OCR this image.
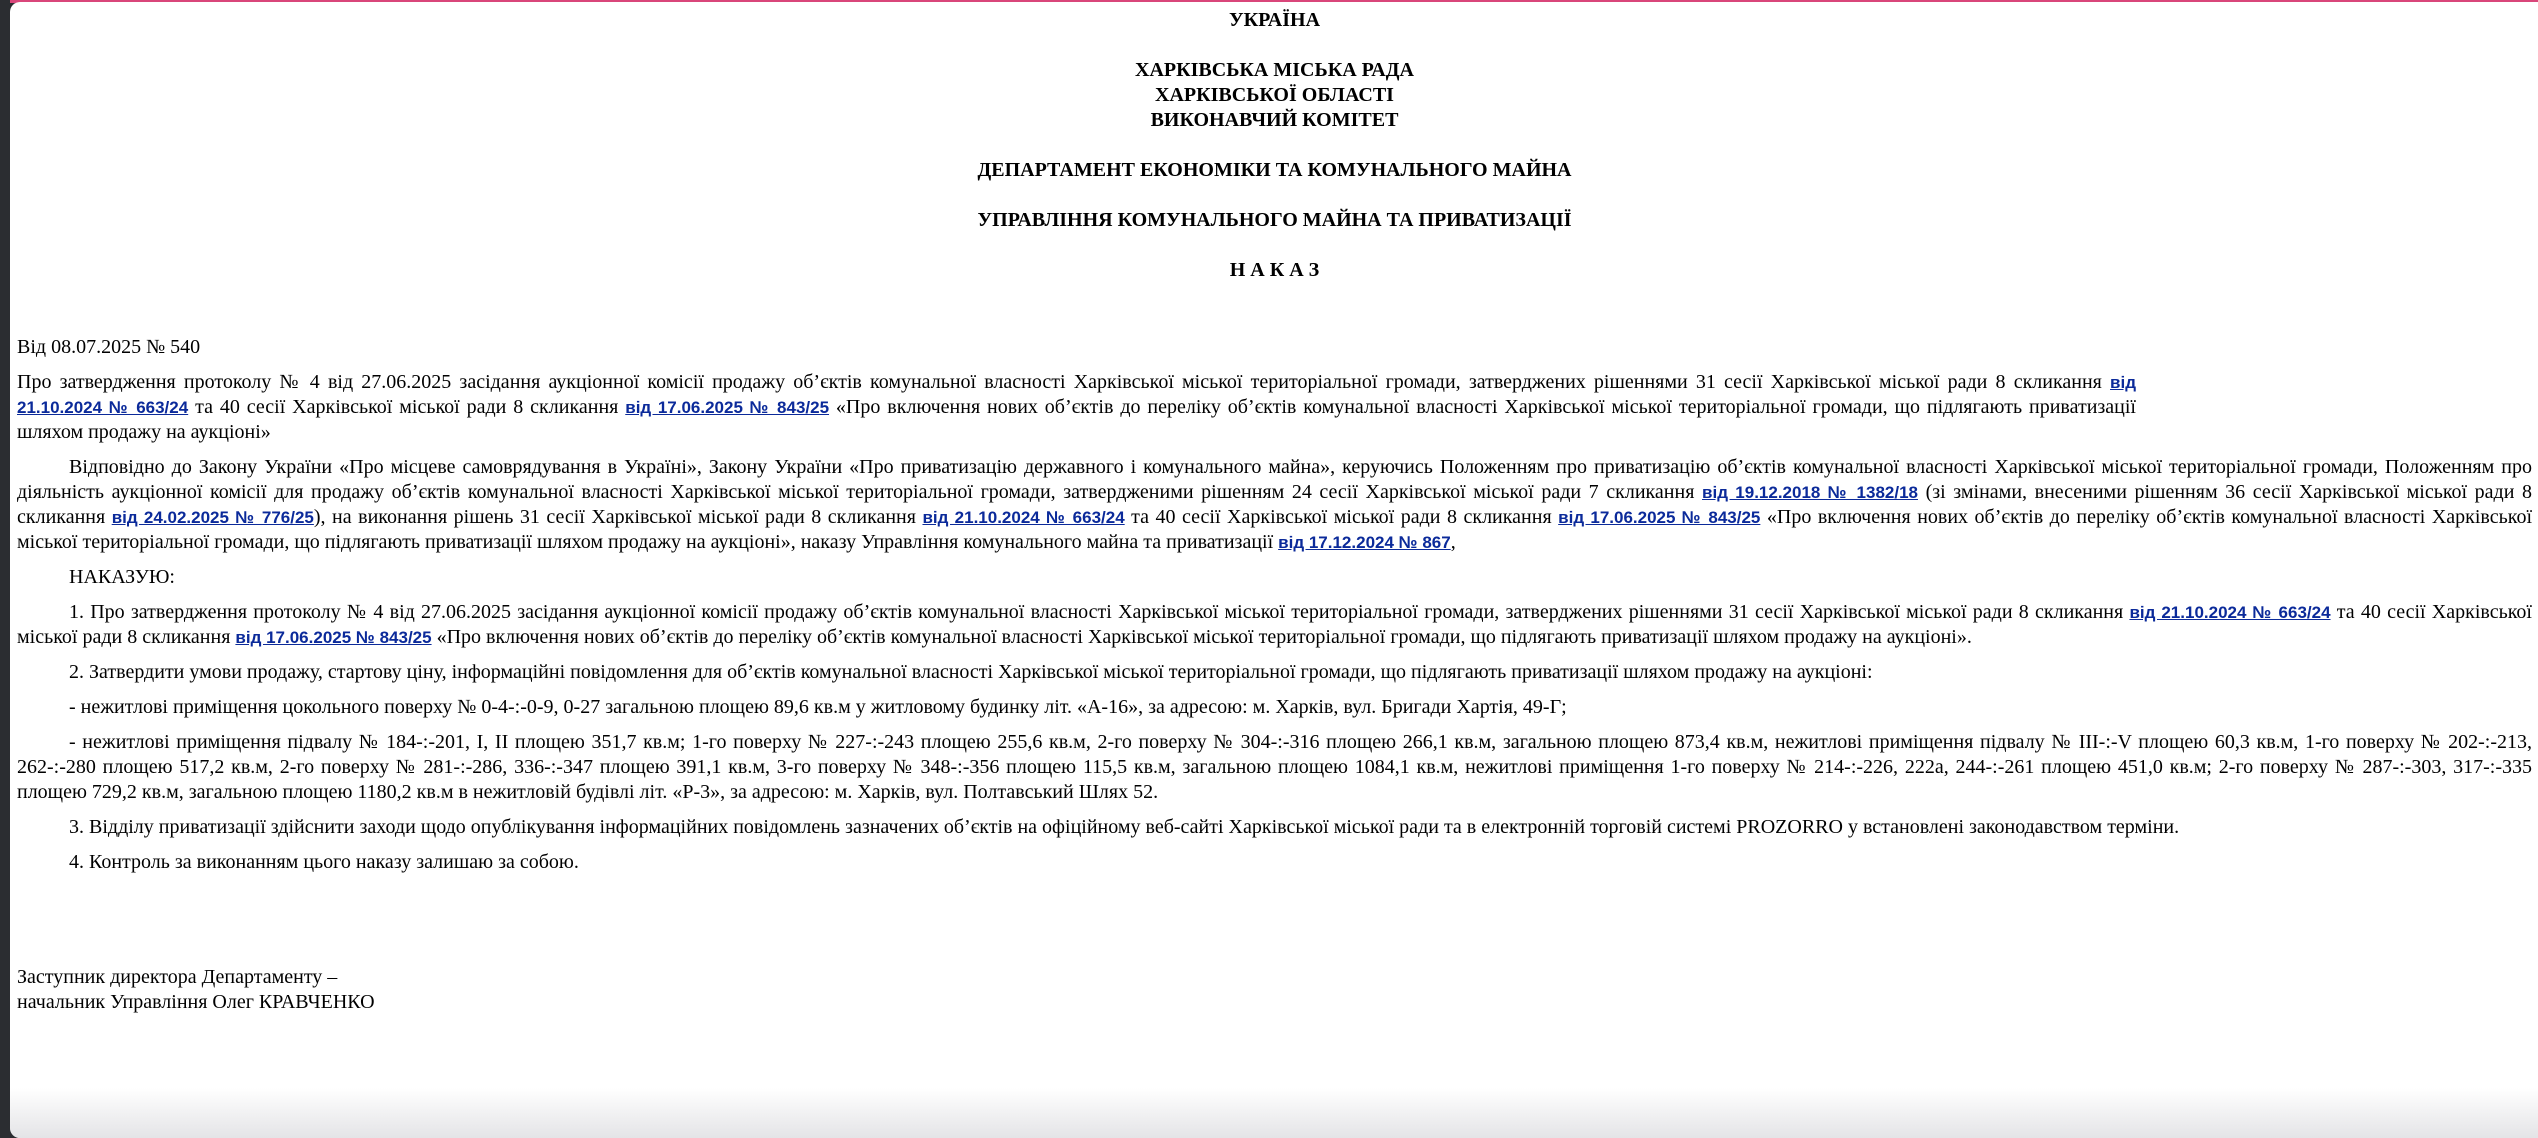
УКРАЇНА
ХАРКІВСЬКА МІСЬКА РАДА
ХАРКІВСЬКОЇ ОБЛАСТІ
ВИКОНАВЧИЙ КОМІТЕТ
ДЕПАРТАМЕНТ ЕКОНОМІКИ ТА КОМУНАЛЬНОГО МАЙНА
УПРАВЛІННЯ КОМУНАЛЬНОГО МАЙНА ТА ПРИВАТИЗАЦІЇ
Н А К А З

Від 08.07.2025 № 540

Про затвердження протоколу № 4 від 27.06.2025 засідання аукціонної комісії продажу об’єктів комунальної власності Харківської міської територіальної громади, затверджених рішеннями 31 сесії Харківської міської ради 8 скликання від 21.10.2024 № 663/24 та 40 сесії Харківської міської ради 8 скликання від 17.06.2025 № 843/25 «Про включення нових об’єктів до переліку об’єктів комунальної власності Харківської міської територіальної громади, що підлягають приватизації шляхом продажу на аукціоні»

Відповідно до Закону України «Про місцеве самоврядування в Україні», Закону України «Про приватизацію державного і комунального майна», керуючись Положенням про приватизацію об’єктів комунальної власності Харківської міської територіальної громади, Положенням про діяльність аукціонної комісії для продажу об’єктів комунальної власності Харківської міської територіальної громади, затвердженими рішенням 24 сесії Харківської міської ради 7 скликання від 19.12.2018 № 1382/18 (зі змінами, внесеними рішенням 36 сесії Харківської міської ради 8 скликання від 24.02.2025 № 776/25), на виконання рішень 31 сесії Харківської міської ради 8 скликання від 21.10.2024 № 663/24 та 40 сесії Харківської міської ради 8 скликання від 17.06.2025 № 843/25 «Про включення нових об’єктів до переліку об’єктів комунальної власності Харківської міської територіальної громади, що підлягають приватизації шляхом продажу на аукціоні», наказу Управління комунального майна та приватизації від 17.12.2024 № 867,

НАКАЗУЮ:

1. Про затвердження протоколу № 4 від 27.06.2025 засідання аукціонної комісії продажу об’єктів комунальної власності Харківської міської територіальної громади, затверджених рішеннями 31 сесії Харківської міської ради 8 скликання від 21.10.2024 № 663/24 та 40 сесії Харківської міської ради 8 скликання від 17.06.2025 № 843/25 «Про включення нових об’єктів до переліку об’єктів комунальної власності Харківської міської територіальної громади, що підлягають приватизації шляхом продажу на аукціоні».

2. Затвердити умови продажу, стартову ціну, інформаційні повідомлення для об’єктів комунальної власності Харківської міської територіальної громади, що підлягають приватизації шляхом продажу на аукціоні:

- нежитлові приміщення цокольного поверху № 0-4-:-0-9, 0-27 загальною площею 89,6 кв.м у житловому будинку літ. «А-16», за адресою: м. Харків, вул. Бригади Хартія, 49-Г;

- нежитлові приміщення підвалу № 184-:-201, I, II площею 351,7 кв.м; 1-го поверху № 227-:-243 площею 255,6 кв.м, 2-го поверху № 304-:-316 площею 266,1 кв.м, загальною площею 873,4 кв.м, нежитлові приміщення підвалу № III-:-V площею 60,3 кв.м, 1-го поверху № 202-:-213, 262-:-280 площею 517,2 кв.м, 2-го поверху № 281-:-286, 336-:-347 площею 391,1 кв.м, 3-го поверху № 348-:-356 площею 115,5 кв.м, загальною площею 1084,1 кв.м, нежитлові приміщення 1-го поверху № 214-:-226, 222а, 244-:-261 площею 451,0 кв.м; 2-го поверху № 287-:-303, 317-:-335 площею 729,2 кв.м, загальною площею 1180,2 кв.м в нежитловій будівлі літ. «Р-3», за адресою: м. Харків, вул. Полтавський Шлях 52.

3. Відділу приватизації здійснити заходи щодо опублікування інформаційних повідомлень зазначених об’єктів на офіційному веб-сайті Харківської міської ради та в електронній торговій системі PROZORRO у встановлені законодавством терміни.

4. Контроль за виконанням цього наказу залишаю за собою.

Заступник директора Департаменту –

начальник Управління Олег КРАВЧЕНКО
